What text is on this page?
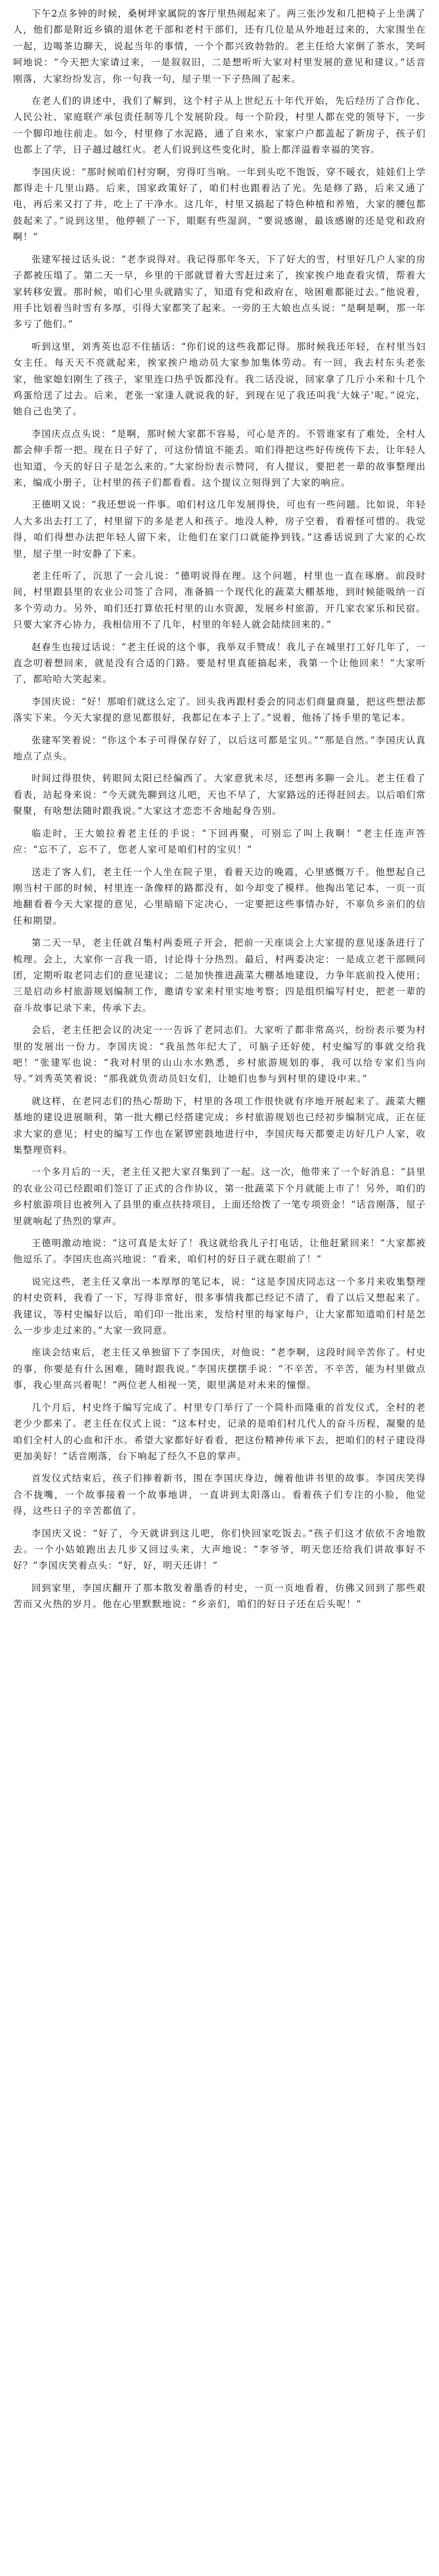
下午2点多钟的时候，桑树坪家属院的客厅里热闹起来了。两三张沙发和几把椅子上坐满了人，他们都是附近乡镇的退休老干部和老村干部们，还有几位是从外地赶过来的，大家围坐在一起，边喝茶边聊天，说起当年的事情，一个个都兴致勃勃的。老主任给大家倒了茶水，笑呵呵地说：“今天把大家请过来，一是叙叙旧，二是想听听大家对村里发展的意见和建议。”话音刚落，大家纷纷发言，你一句我一句，屋子里一下子热闹了起来。

在老人们的讲述中，我们了解到，这个村子从上世纪五十年代开始，先后经历了合作化、人民公社、家庭联产承包责任制等几个发展阶段。每一个阶段，村里人都在党的领导下，一步一个脚印地往前走。如今，村里修了水泥路，通了自来水，家家户户都盖起了新房子，孩子们也都上了学，日子越过越红火。老人们说到这些变化时，脸上都洋溢着幸福的笑容。

李国庆说：“那时候咱们村穷啊，穷得叮当响。一年到头吃不饱饭，穿不暖衣，娃娃们上学都得走十几里山路。后来，国家政策好了，咱们村也跟着沾了光。先是修了路，后来又通了电，再后来又打了井，吃上了干净水。这几年，村里又搞起了特色种植和养殖，大家的腰包都鼓起来了。”说到这里，他停顿了一下，眼眶有些湿润，“要说感谢，最该感谢的还是党和政府啊！”

张建军接过话头说：“老李说得对。我记得那年冬天，下了好大的雪，村里好几户人家的房子都被压塌了。第二天一早，乡里的干部就冒着大雪赶过来了，挨家挨户地查看灾情，帮着大家转移安置。那时候，咱们心里头就踏实了，知道有党和政府在，啥困难都能过去。”他说着，用手比划着当时雪有多厚，引得大家都笑了起来。一旁的王大娘也点头说：“是啊是啊，那一年多亏了他们。”

听到这里，刘秀英也忍不住插话：“你们说的这些我都记得。那时候我还年轻，在村里当妇女主任。每天天不亮就起来，挨家挨户地动员大家参加集体劳动。有一回，我去村东头老张家，他家媳妇刚生了孩子，家里连口热乎饭都没有。我二话没说，回家拿了几斤小米和十几个鸡蛋给送了过去。后来，老张一家逢人就说我的好，到现在见了我还叫我‘大妹子’呢。”说完，她自己也笑了。

李国庆点点头说：“是啊，那时候大家都不容易，可心是齐的。不管谁家有了难处，全村人都会伸手帮一把。现在日子好了，可这份情谊不能丢。咱们得把这些好传统传下去，让年轻人也知道，今天的好日子是怎么来的。”大家纷纷表示赞同，有人提议，要把老一辈的故事整理出来，编成小册子，让村里的孩子们都看看。这个提议立刻得到了大家的响应。

王德明又说：“我还想说一件事。咱们村这几年发展得快，可也有一些问题。比如说，年轻人大多出去打工了，村里留下的多是老人和孩子。地没人种，房子空着，看着怪可惜的。我觉得，咱们得想办法把年轻人留下来，让他们在家门口就能挣到钱。”这番话说到了大家的心坎里，屋子里一时安静了下来。

老主任听了，沉思了一会儿说：“德明说得在理。这个问题，村里也一直在琢磨。前段时间，村里跟县里的农业公司签了合同，准备搞一个现代化的蔬菜大棚基地，到时候能吸纳一百多个劳动力。另外，咱们还打算依托村里的山水资源，发展乡村旅游，开几家农家乐和民宿。只要大家齐心协力，我相信用不了几年，村里的年轻人就会陆续回来的。”

赵春生也接过话说：“老主任说的这个事，我举双手赞成！我儿子在城里打工好几年了，一直念叨着想回来，就是没有合适的门路。要是村里真能搞起来，我第一个让他回来！”大家听了，都哈哈大笑起来。

李国庆说：“好！那咱们就这么定了。回头我再跟村委会的同志们商量商量，把这些想法都落实下来。今天大家提的意见都很好，我都记在本子上了。”说着，他扬了扬手里的笔记本。

张建军笑着说：“你这个本子可得保存好了，以后这可都是宝贝。”“那是自然。”李国庆认真地点了点头。

时间过得很快，转眼间太阳已经偏西了。大家意犹未尽，还想再多聊一会儿。老主任看了看表，站起身来说：“今天就先聊到这儿吧，天也不早了，大家路远的还得赶回去。以后咱们常聚聚，有啥想法随时跟我说。”大家这才恋恋不舍地起身告别。

临走时，王大娘拉着老主任的手说：“下回再聚，可别忘了叫上我啊！”老主任连声答应：“忘不了，忘不了，您老人家可是咱们村的宝贝！”

送走了客人们，老主任一个人坐在院子里，看着天边的晚霞，心里感慨万千。他想起自己刚当村干部的时候，村里连一条像样的路都没有，如今却变了模样。他掏出笔记本，一页一页地翻看着今天大家提的意见，心里暗暗下定决心，一定要把这些事情办好，不辜负乡亲们的信任和期望。

第二天一早，老主任就召集村两委班子开会，把前一天座谈会上大家提的意见逐条进行了梳理。会上，大家你一言我一语，讨论得十分热烈。最后，村两委决定：一是成立老干部顾问团，定期听取老同志们的意见建议；二是加快推进蔬菜大棚基地建设，力争年底前投入使用；三是启动乡村旅游规划编制工作，邀请专家来村里实地考察；四是组织编写村史，把老一辈的奋斗故事记录下来，传承下去。

会后，老主任把会议的决定一一告诉了老同志们。大家听了都非常高兴，纷纷表示要为村里的发展出一份力。李国庆说：“我虽然年纪大了，可脑子还好使，村史编写的事就交给我吧！”张建军也说：“我对村里的山山水水熟悉，乡村旅游规划的事，我可以给专家们当向导。”刘秀英笑着说：“那我就负责动员妇女们，让她们也参与到村里的建设中来。”

就这样，在老同志们的热心帮助下，村里的各项工作很快就有序地开展起来了。蔬菜大棚基地的建设进展顺利，第一批大棚已经搭建完成；乡村旅游规划也已经初步编制完成，正在征求大家的意见；村史的编写工作也在紧锣密鼓地进行中，李国庆每天都要走访好几户人家，收集整理资料。

一个多月后的一天，老主任又把大家召集到了一起。这一次，他带来了一个好消息：“县里的农业公司已经跟咱们签订了正式的合作协议，第一批蔬菜下个月就能上市了！另外，咱们的乡村旅游项目也被列入了县里的重点扶持项目，上面还给拨了一笔专项资金！”话音刚落，屋子里就响起了热烈的掌声。

王德明激动地说：“这可真是太好了！我这就给我儿子打电话，让他赶紧回来！”大家都被他逗乐了。李国庆也高兴地说：“看来，咱们村的好日子就在眼前了！”

说完这些，老主任又拿出一本厚厚的笔记本，说：“这是李国庆同志这一个多月来收集整理的村史资料，我看了一下，写得非常好，很多事情我都已经记不清了，看了以后又想起来了。我建议，等村史编好以后，咱们印一批出来，发给村里的每家每户，让大家都知道咱们村是怎么一步步走过来的。”大家一致同意。

座谈会结束后，老主任又单独留下了李国庆，对他说：“老李啊，这段时间辛苦你了。村史的事，你要是有什么困难，随时跟我说。”李国庆摆摆手说：“不辛苦，不辛苦，能为村里做点事，我心里高兴着呢！”两位老人相视一笑，眼里满是对未来的憧憬。

几个月后，村史终于编写完成了。村里专门举行了一个简朴而隆重的首发仪式，全村的老老少少都来了。老主任在仪式上说：“这本村史，记录的是咱们村几代人的奋斗历程，凝聚的是咱们全村人的心血和汗水。希望大家都好好看看，把这份精神传承下去，把咱们的村子建设得更加美好！”话音刚落，台下响起了经久不息的掌声。

首发仪式结束后，孩子们捧着新书，围在李国庆身边，缠着他讲书里的故事。李国庆笑得合不拢嘴，一个故事接着一个故事地讲，一直讲到太阳落山。看着孩子们专注的小脸，他觉得，这些日子的辛苦都值了。

李国庆又说：“好了，今天就讲到这儿吧，你们快回家吃饭去。”孩子们这才依依不舍地散去。一个小姑娘跑出去几步又回过头来，大声地说：“李爷爷，明天您还给我们讲故事好不好？”李国庆笑着点头：“好，好，明天还讲！”

回到家里，李国庆翻开了那本散发着墨香的村史，一页一页地看着，仿佛又回到了那些艰苦而又火热的岁月。他在心里默默地说：“乡亲们，咱们的好日子还在后头呢！”
